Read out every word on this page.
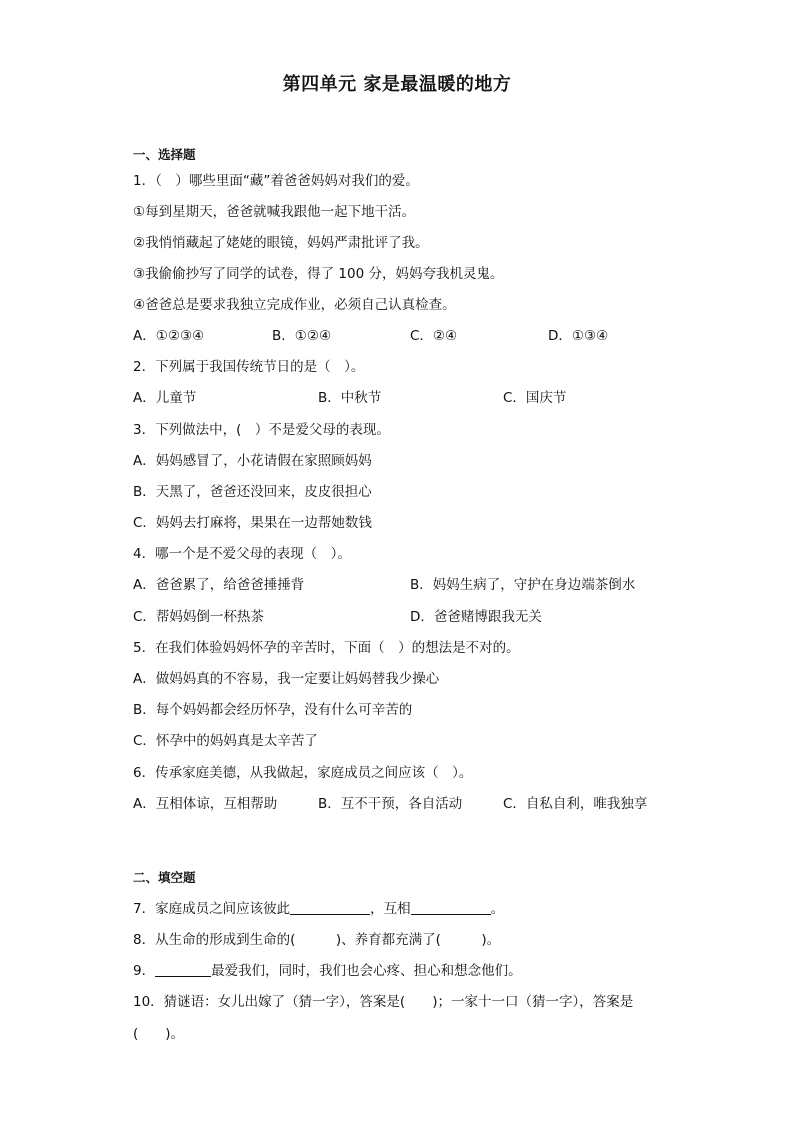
第四单元 家是最温暖的地方
一、选择题
1．（　）哪些里面“藏”着爸爸妈妈对我们的爱。
①每到星期天，爸爸就喊我跟他一起下地干活。
②我悄悄藏起了姥姥的眼镜，妈妈严肃批评了我。
③我偷偷抄写了同学的试卷，得了 100 分，妈妈夸我机灵鬼。
④爸爸总是要求我独立完成作业，必须自己认真检查。
A．①②③④	B．①②④	C．②④	D．①③④
2．下列属于我国传统节日的是（　）。
A．儿童节	B．中秋节	C．国庆节
3．下列做法中，(　）不是爱父母的表现。
A．妈妈感冒了，小花请假在家照顾妈妈
B．天黑了，爸爸还没回来，皮皮很担心
C．妈妈去打麻将，果果在一边帮她数钱
4．哪一个是不爱父母的表现（　）。
A．爸爸累了，给爸爸捶捶背	B．妈妈生病了，守护在身边端茶倒水
C．帮妈妈倒一杯热茶	D．爸爸赌博跟我无关
5．在我们体验妈妈怀孕的辛苦时，下面（　）的想法是不对的。
A．做妈妈真的不容易，我一定要让妈妈替我少操心
B．每个妈妈都会经历怀孕，没有什么可辛苦的
C．怀孕中的妈妈真是太辛苦了
6．传承家庭美德，从我做起，家庭成员之间应该（　）。
A．互相体谅，互相帮助	B．互不干预，各自活动	C．自私自利，唯我独享
二、填空题
7．家庭成员之间应该彼此	，互相	。
8．从生命的形成到生命的(　　　)、养育都充满了(　　　)。
9．	最爱我们，同时，我们也会心疼、担心和想念他们。
10．猜谜语：女儿出嫁了（猜一字），答案是(　　)；一家十一口（猜一字），答案是
(　　)。
